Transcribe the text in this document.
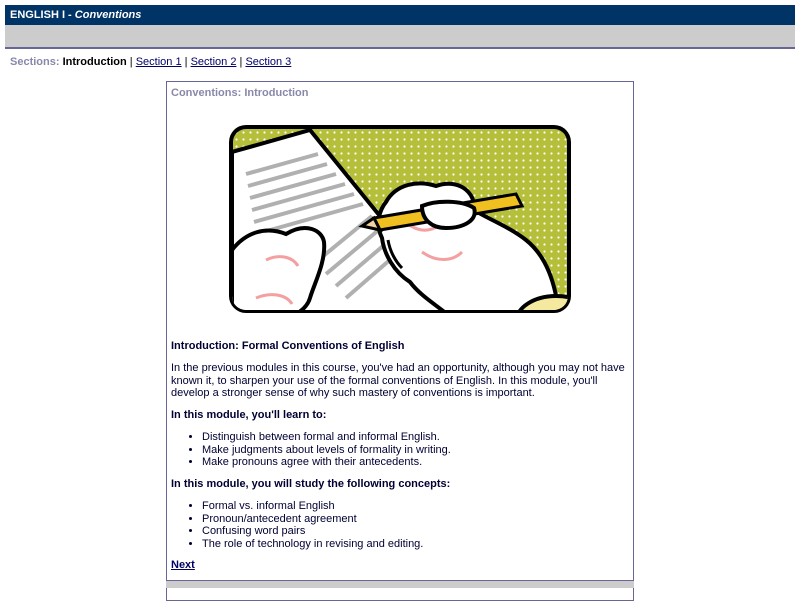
ENGLISH I - Conventions
Sections: Introduction | Section 1 | Section 2 | Section 3
Conventions: Introduction
Introduction: Formal Conventions of English

In the previous modules in this course, you've had an opportunity, although you may not have known it, to sharpen your use of the formal conventions of English. In this module, you'll develop a stronger sense of why such mastery of conventions is important.

In this module, you'll learn to:

• Distinguish between formal and informal English.
• Make judgments about levels of formality in writing.
• Make pronouns agree with their antecedents.

In this module, you will study the following concepts:

• Formal vs. informal English
• Pronoun/antecedent agreement
• Confusing word pairs
• The role of technology in revising and editing.
Next
